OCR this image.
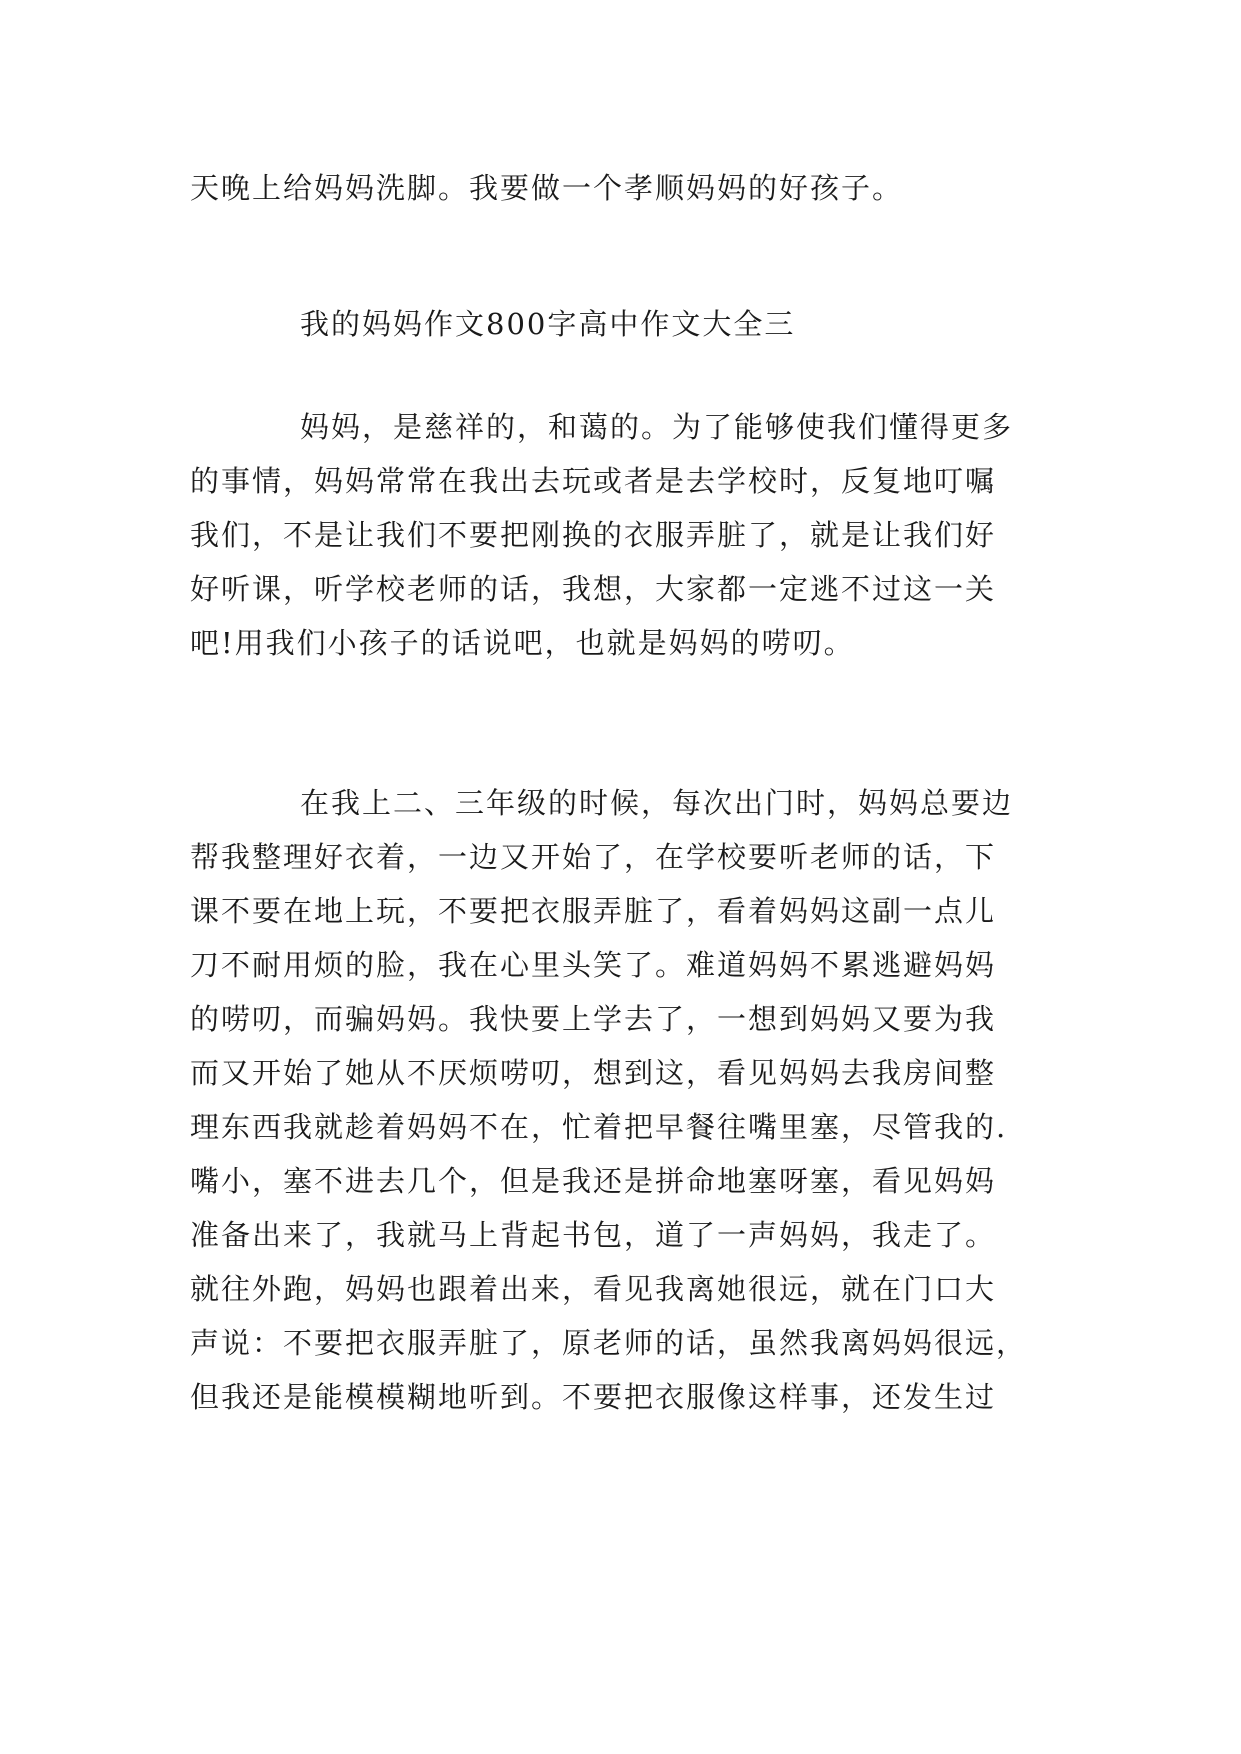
天晚上给妈妈洗脚。我要做一个孝顺妈妈的好孩子。
我的妈妈作文800字高中作文大全三
妈妈，是慈祥的，和蔼的。为了能够使我们懂得更多
的事情，妈妈常常在我出去玩或者是去学校时，反复地叮嘱
我们，不是让我们不要把刚换的衣服弄脏了，就是让我们好
好听课，听学校老师的话，我想，大家都一定逃不过这一关
吧!用我们小孩子的话说吧，也就是妈妈的唠叨。
在我上二、三年级的时候，每次出门时，妈妈总要边
帮我整理好衣着，一边又开始了，在学校要听老师的话，下
课不要在地上玩，不要把衣服弄脏了，看着妈妈这副一点儿
刀不耐用烦的脸，我在心里头笑了。难道妈妈不累逃避妈妈
的唠叨，而骗妈妈。我快要上学去了，一想到妈妈又要为我
而又开始了她从不厌烦唠叨，想到这，看见妈妈去我房间整
理东西我就趁着妈妈不在，忙着把早餐往嘴里塞，尽管我的.
嘴小，塞不进去几个，但是我还是拼命地塞呀塞，看见妈妈
准备出来了，我就马上背起书包，道了一声妈妈，我走了。
就往外跑，妈妈也跟着出来，看见我离她很远，就在门口大
声说：不要把衣服弄脏了，原老师的话，虽然我离妈妈很远，
但我还是能模模糊地听到。不要把衣服像这样事，还发生过
